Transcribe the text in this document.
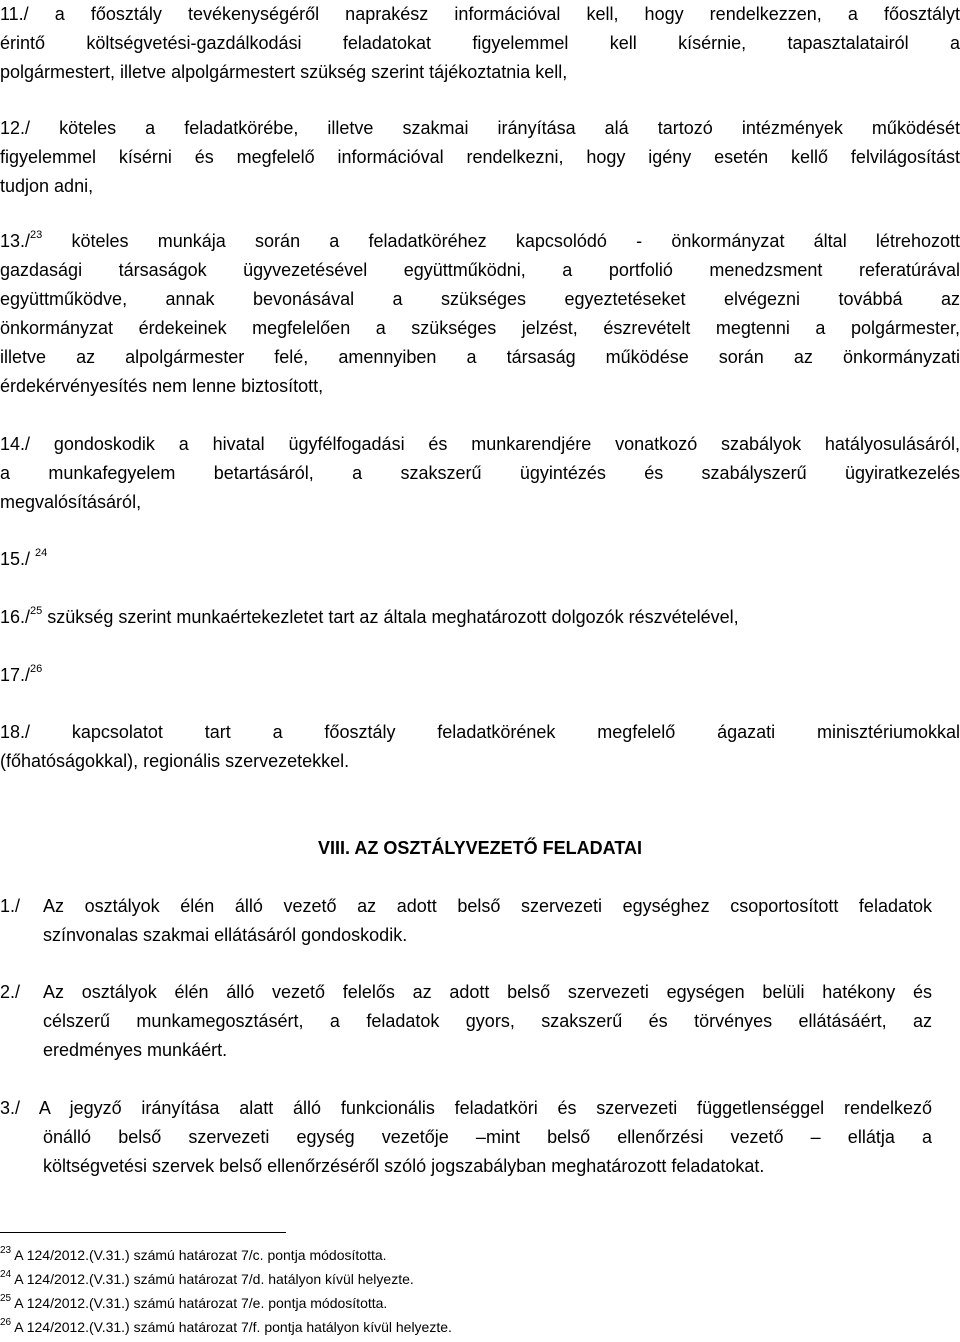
11./ a főosztály tevékenységéről naprakész információval kell, hogy rendelkezzen, a főosztályt
érintő költségvetési-gazdálkodási feladatokat figyelemmel kell kísérnie, tapasztalatairól a
polgármestert, illetve alpolgármestert szükség szerint tájékoztatnia kell,
12./ köteles a feladatkörébe, illetve szakmai irányítása alá tartozó intézmények működését
figyelemmel kísérni és megfelelő információval rendelkezni, hogy igény esetén kellő felvilágosítást
tudjon adni,
13./$^{23}$ köteles munkája során a feladatköréhez kapcsolódó - önkormányzat által létrehozott
gazdasági társaságok ügyvezetésével együttműködni, a portfolió menedzsment referatúrával
együttműködve, annak bevonásával a szükséges egyeztetéseket elvégezni továbbá az
önkormányzat érdekeinek megfelelően a szükséges jelzést, észrevételt megtenni a polgármester,
illetve az alpolgármester felé, amennyiben a társaság működése során az önkormányzati
érdekérvényesítés nem lenne biztosított,
14./ gondoskodik a hivatal ügyfélfogadási és munkarendjére vonatkozó szabályok hatályosulásáról,
a munkafegyelem betartásáról, a szakszerű ügyintézés és szabályszerű ügyiratkezelés
megvalósításáról,
15./ $^{24}$
16./$^{25}$ szükség szerint munkaértekezletet tart az általa meghatározott dolgozók részvételével,
17./$^{26}$
18./ kapcsolatot tart a főosztály feladatkörének megfelelő ágazati minisztériumokkal
(főhatóságokkal), regionális szervezetekkel.
VIII. AZ OSZTÁLYVEZETŐ FELADATAI
1./ Az osztályok élén álló vezető az adott belső szervezeti egységhez csoportosított feladatok
színvonalas szakmai ellátásáról gondoskodik.
2./ Az osztályok élén álló vezető felelős az adott belső szervezeti egységen belüli hatékony és
célszerű munkamegosztásért, a feladatok gyors, szakszerű és törvényes ellátásáért, az
eredményes munkáért.
3./ A jegyző irányítása alatt álló funkcionális feladatköri és szervezeti függetlenséggel rendelkező
önálló belső szervezeti egység vezetője –mint belső ellenőrzési vezető – ellátja a
költségvetési szervek belső ellenőrzéséről szóló jogszabályban meghatározott feladatokat.
$^{23}$ A 124/2012.(V.31.) számú határozat 7/c. pontja módosította.
$^{24}$ A 124/2012.(V.31.) számú határozat 7/d. hatályon kívül helyezte.
$^{25}$ A 124/2012.(V.31.) számú határozat 7/e. pontja módosította.
$^{26}$ A 124/2012.(V.31.) számú határozat 7/f. pontja hatályon kívül helyezte.
